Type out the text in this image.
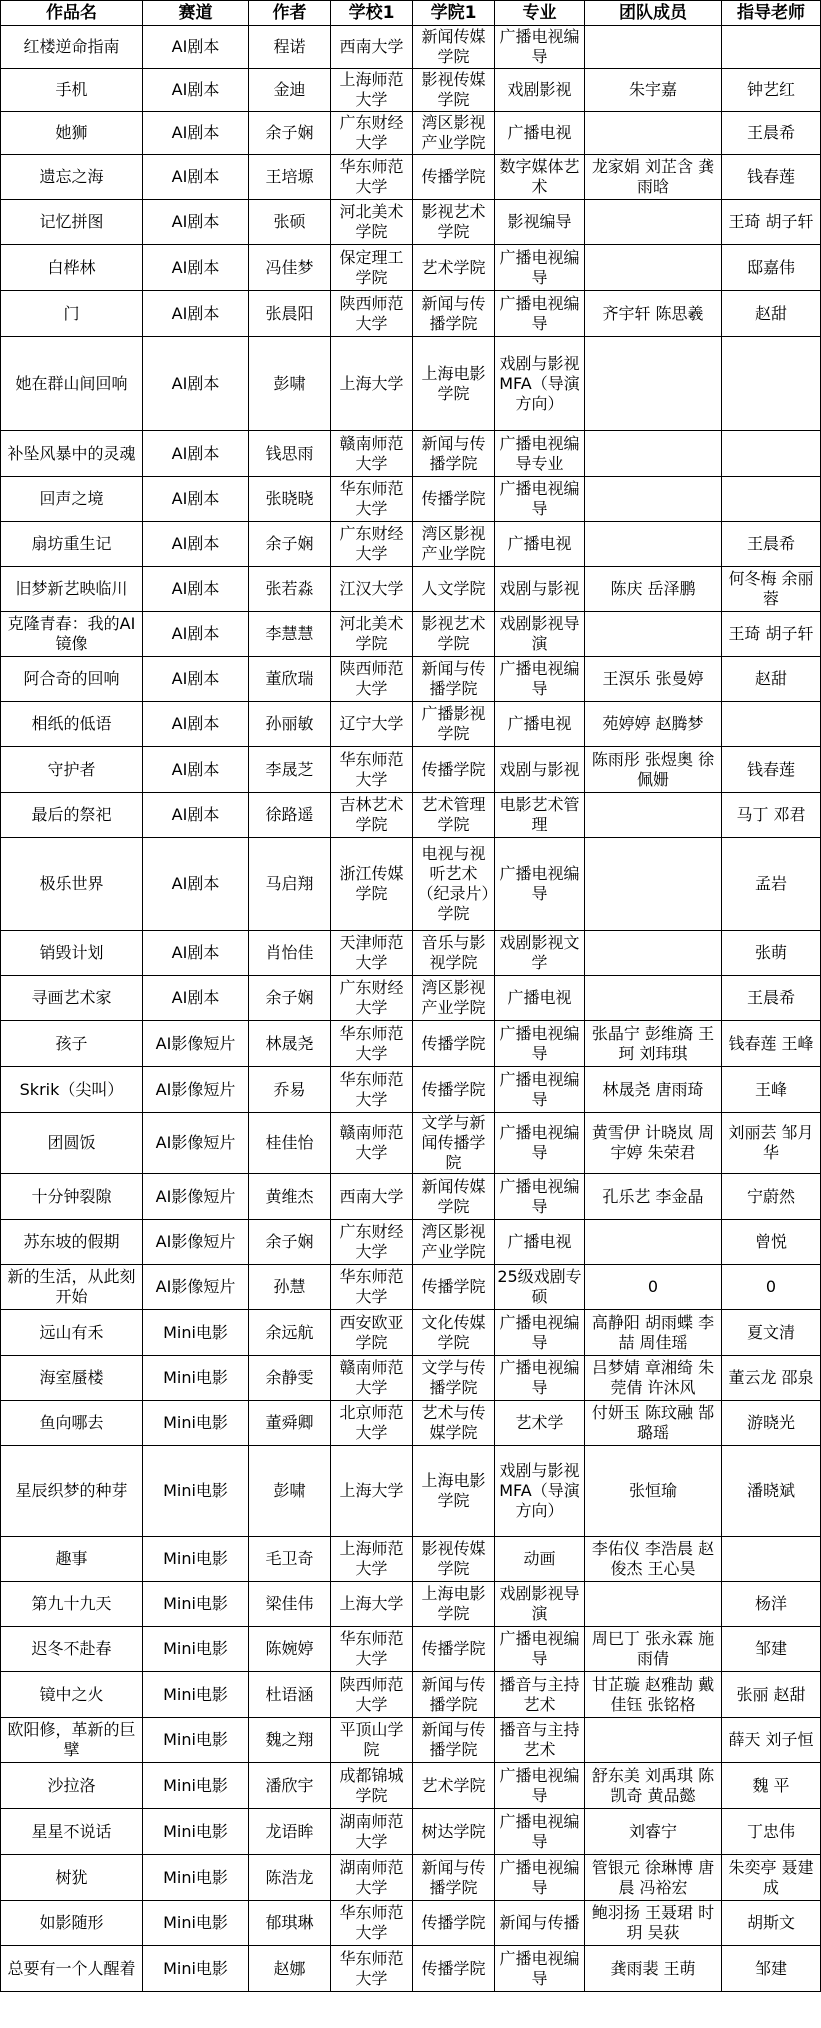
作品名	赛道	作者	学校1	学院1	专业	团队成员	指导老师
红楼逆命指南	AI剧本	程诺	西南大学	新闻传媒学院	广播电视编导		
手机	AI剧本	金迪	上海师范大学	影视传媒学院	戏剧影视	朱宇嘉	钟艺红
她狮	AI剧本	余子娴	广东财经大学	湾区影视产业学院	广播电视		王晨希
遗忘之海	AI剧本	王培塬	华东师范大学	传播学院	数字媒体艺术	龙家娟 刘芷含 龚雨晗	钱春莲
记忆拼图	AI剧本	张硕	河北美术学院	影视艺术学院	影视编导		王琦 胡子轩
白桦林	AI剧本	冯佳梦	保定理工学院	艺术学院	广播电视编导		邸嘉伟
门	AI剧本	张晨阳	陕西师范大学	新闻与传播学院	广播电视编导	齐宇轩 陈思羲	赵甜
她在群山间回响	AI剧本	彭啸	上海大学	上海电影学院	戏剧与影视MFA（导演方向）		
补坠风暴中的灵魂	AI剧本	钱思雨	赣南师范大学	新闻与传播学院	广播电视编导专业		
回声之境	AI剧本	张晓晓	华东师范大学	传播学院	广播电视编导		
扇坊重生记	AI剧本	余子娴	广东财经大学	湾区影视产业学院	广播电视		王晨希
旧梦新艺映临川	AI剧本	张若淼	江汉大学	人文学院	戏剧与影视	陈庆 岳泽鹏	何冬梅 余丽蓉
克隆青春：我的AI镜像	AI剧本	李慧慧	河北美术学院	影视艺术学院	戏剧影视导演		王琦 胡子轩
阿合奇的回响	AI剧本	董欣瑞	陕西师范大学	新闻与传播学院	广播电视编导	王溟乐 张曼婷	赵甜
相纸的低语	AI剧本	孙丽敏	辽宁大学	广播影视学院	广播电视	苑婷婷 赵腾梦	
守护者	AI剧本	李晟芝	华东师范大学	传播学院	戏剧与影视	陈雨彤 张煜奥 徐佩姗	钱春莲
最后的祭祀	AI剧本	徐路遥	吉林艺术学院	艺术管理学院	电影艺术管理		马丁 邓君
极乐世界	AI剧本	马启翔	浙江传媒学院	电视与视听艺术（纪录片）学院	广播电视编导		孟岩
销毁计划	AI剧本	肖怡佳	天津师范大学	音乐与影视学院	戏剧影视文学		张萌
寻画艺术家	AI剧本	余子娴	广东财经大学	湾区影视产业学院	广播电视		王晨希
孩子	AI影像短片	林晟尧	华东师范大学	传播学院	广播电视编导	张晶宁 彭维旖 王珂 刘玮琪	钱春莲 王峰
Skrik（尖叫）	AI影像短片	乔易	华东师范大学	传播学院	广播电视编导	林晟尧 唐雨琦	王峰
团圆饭	AI影像短片	桂佳怡	赣南师范大学	文学与新闻传播学院	广播电视编导	黄雪伊 计晓岚 周宇婷 朱荣君	刘丽芸 邹月华
十分钟裂隙	AI影像短片	黄维杰	西南大学	新闻传媒学院	广播电视编导	孔乐艺 李金晶	宁蔚然
苏东坡的假期	AI影像短片	余子娴	广东财经大学	湾区影视产业学院	广播电视		曾悦
新的生活，从此刻开始	AI影像短片	孙慧	华东师范大学	传播学院	25级戏剧专硕	0	0
远山有禾	Mini电影	余远航	西安欧亚学院	文化传媒学院	广播电视编导	高静阳 胡雨蝶 李喆 周佳瑶	夏文清
海室蜃楼	Mini电影	余静雯	赣南师范大学	文学与传播学院	广播电视编导	吕梦婧 章湘绮 朱莞倩 许沐风	董云龙 邵泉
鱼向哪去	Mini电影	董舜卿	北京师范大学	艺术与传媒学院	艺术学	付妍玉 陈玟融 郜璐瑶	游晓光
星辰织梦的种芽	Mini电影	彭啸	上海大学	上海电影学院	戏剧与影视MFA（导演方向）	张恒瑜	潘晓斌
趣事	Mini电影	毛卫奇	上海师范大学	影视传媒学院	动画	李佑仪 李浩晨 赵俊杰 王心昊	
第九十九天	Mini电影	梁佳伟	上海大学	上海电影学院	戏剧影视导演		杨洋
迟冬不赴春	Mini电影	陈婉婷	华东师范大学	传播学院	广播电视编导	周巳丁 张永霖 施雨倩	邹建
镜中之火	Mini电影	杜语涵	陕西师范大学	新闻与传播学院	播音与主持艺术	甘芷璇 赵雅劼 戴佳钰 张铭格	张丽 赵甜
欧阳修，革新的巨擘	Mini电影	魏之翔	平顶山学院	新闻与传播学院	播音与主持艺术		薛天 刘子恒
沙拉洛	Mini电影	潘欣宇	成都锦城学院	艺术学院	广播电视编导	舒东美 刘禹琪 陈凯奇 黄品懿	魏 平
星星不说话	Mini电影	龙语眸	湖南师范大学	树达学院	广播电视编导	刘睿宁	丁忠伟
树犹	Mini电影	陈浩龙	湖南师范大学	新闻与传播学院	广播电视编导	管银元 徐琳博 唐晨 冯裕宏	朱奕亭 聂建成
如影随形	Mini电影	郁琪琳	华东师范大学	传播学院	新闻与传播	鲍羽扬 王聂珺 时玥 吴荻	胡斯文
总要有一个人醒着	Mini电影	赵娜	华东师范大学	传播学院	广播电视编导	龚雨裴 王萌	邹建
